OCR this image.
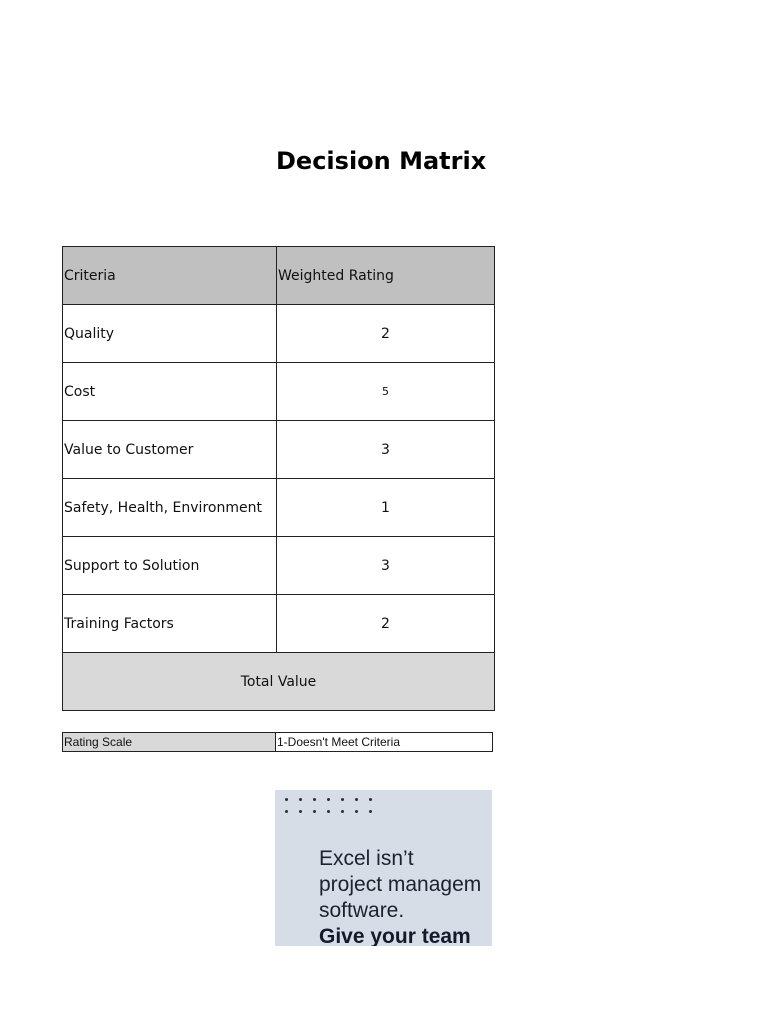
Decision Matrix
Criteria	Weighted Rating
Quality	2
Cost	5
Value to Customer	3
Safety, Health, Environment	1
Support to Solution	3
Training Factors	2
Total Value	
Rating Scale	1-Doesn't Meet Criteria
Excel isn’t
project managem
software.
Give your team
